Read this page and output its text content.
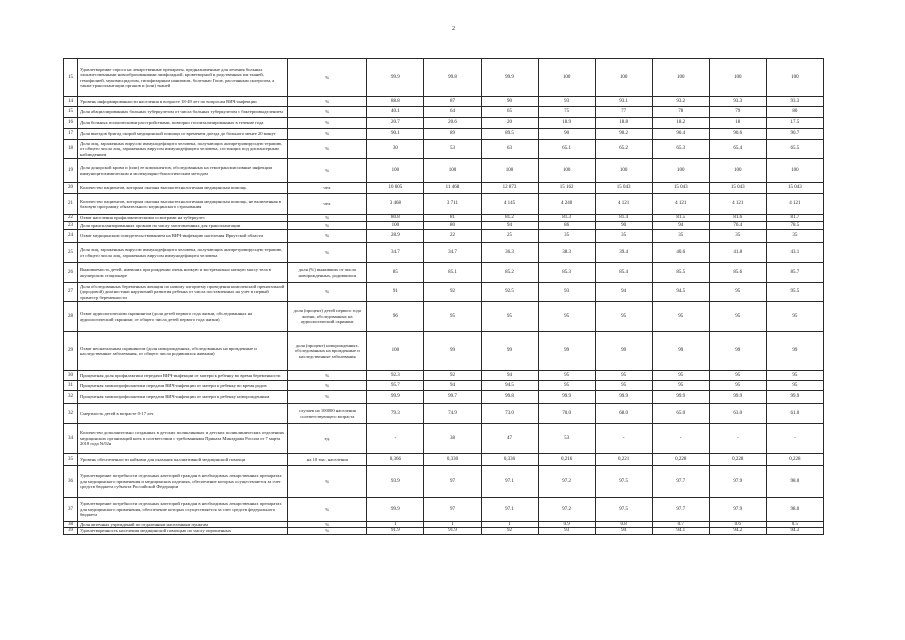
2
15	Удовлетворение спроса на лекарственные препараты, предназначенные для лечения больных злокачественными новообразованиями лимфоидной, кроветворной и родственных им тканей, гемофилией, муковисцидозом, гипофизарным нанизмом, болезнью Гоше, рассеянным склерозом, а также трансплантации органов и (или) тканей	%	99.9	99.8	99.9	100	100	100	100	100
14	Уровень информированности населения в возрасте 18-49 лет по вопросам ВИЧ-инфекции	%	88.8	87	90	93	93.1	93.2	93.3	93.3
15	Доля абациллированных больных туберкулезом от числа больных туберкулезом с бактериовыделением	%	40.1	64	65	75	77	78	79	80
16	Доля больных психическими расстройствами, повторно госпитализированных в течение года	%	20.7	20.6	20	18.9	18.8	18.2	18	17.5
17	Доля выездов бригад скорой медицинской помощи со временем доезда до больного менее 20 минут	%	90.1	89	89.5	90	90.2	90.4	90.6	90.7
18	Доля лиц, зараженных вирусом иммунодефицита человека, получающих антиретровирусную терапию, от общего числа лиц, зараженных вирусом иммунодефицита человека, состоящих под диспансерным наблюдением	%	30	53	63	65.1	65.2	65.3	65.4	65.5
19	Доля донорской крови и (или) ее компонентов, обследованных на гемотрансмиссивные инфекции иммуноцитохимическим и молекулярно-биологическим методом	%	100	100	100	100	100	100	100	100
20	Количество пациентов, которым оказана высокотехнологичная медицинская помощь	чел.	10 605	11 468	12 873	15 162	15 043	15 043	15 043	15 043
21	Количество пациентов, которым оказана высокотехнологичная медицинская помощь, не включенная в базовую программу обязательного медицинского страхования	чел.	3 468	3 711	4 145	4 240	4 121	4 121	4 121	4 121
22	Охват населения профилактическими осмотрами на туберкулез	%	80.8	81	81.2	81.3	81.4	81.5	81.6	81.7
23	Доля трансплантированных органов по числу заготовленных для трансплантации	%	100	80	94	86	90	94	76.4	78.5
24	Охват медицинским освидетельствованием на ВИЧ-инфекцию населения Иркутской области	%	28.9	22	25	35	35	35	35	35
25	Доля лиц, зараженных вирусом иммунодефицита человека, получающих антиретровирусную терапию, от общего числа лиц, зараженных вирусом иммунодефицита человека	%	34.7	34.7	36.3	38.3	39.4	40.6	41.8	43.1
26	Выживаемость детей, имевших при рождении очень низкую и экстремально низкую массу тела в акушерском стационаре	доля (%) выживших от числа новорожденных, родившихся	85	85.1	85.2	85.3	85.4	85.5	85.6	85.7
27	Доля обследованных беременных женщин по новому алгоритму проведения комплексной пренатальной (дородовой) диагностики нарушений развития ребенка от числа поставленных на учет в первый триместр беременности	%	91	92	92.5	93	94	94.5	95	95.5
28	Охват аудиологическим скринингом (доля детей первого года жизни, обследованных на аудиологический скрининг, от общего числа детей первого года жизни)	доля (процент) детей первого года жизни, обследованных на аудиологический скрининг	96	95	95	95	95	95	95	95
29	Охват неонатальным скринингом (доля новорожденных, обследованных на врожденные и наследственные заболевания, от общего числа родившихся живыми)	доля (процент) новорожденных, обследованных на врожденные и наследственные заболевания	100	99	99	99	99	99	99	99
30	Процентная доля профилактики передачи ВИЧ-инфекции от матери к ребенку во время беременности	%	92.3	92	94	95	95	95	95	95
31	Процентная химиопрофилактики передачи ВИЧ-инфекции от матери к ребенку во время родов	%	95.7	94	94.5	95	95	95	95	95
32	Процентная химиопрофилактики передачи ВИЧ-инфекции от матери к ребенку новорожденным	%	99.9	99.7	99.8	99.9	99.9	99.9	99.9	99.9
32	Смертность детей в возрасте 0-17 лет	случаев на 100000 населения соответствующего возраста	79.3	74.9	73.0	70.0	68.0	65.0	63.0	61.0
34	Количество дополнительно созданных в детских поликлиниках и детских поликлинических отделениях медицинских организаций коек в соответствии с требованиями Приказа Минздрава России от 7 марта 2018 года №92н	ед.	-	38	47	53	-	-	-	-
35	Уровень обеспеченности койками для оказания паллиативной медицинской помощи	на 10 тыс. населения	0,366	0,330	0,336	0,216	0,221	0,228	0,228	0,228
36	Удовлетворение потребности отдельных категорий граждан в необходимых лекарственных препаратах для медицинского применения и медицинских изделиях, обеспечение которых осуществляется за счет средств бюджета субъекта Российской Федерации	%	93.9	97	97.1	97.2	97.5	97.7	97.9	98.0
37	Удовлетворение потребности отдельных категорий граждан в необходимых лекарственных препаратах для медицинского применения, обеспечение которых осуществляется за счет средств федерального бюджета	%	99.9	97	97.1	97.2	97.5	97.7	97.9	98.0
38	Доля аптечных учреждений по отдаленным населенным пунктам	%	1	1	1	0.9	0.8	0.7	0.6	0.5
39	Удовлетворенность населения медицинской помощью по числу опрошенных	%	91.9	91.9	92	93	94	94.1	94.2	94.3
